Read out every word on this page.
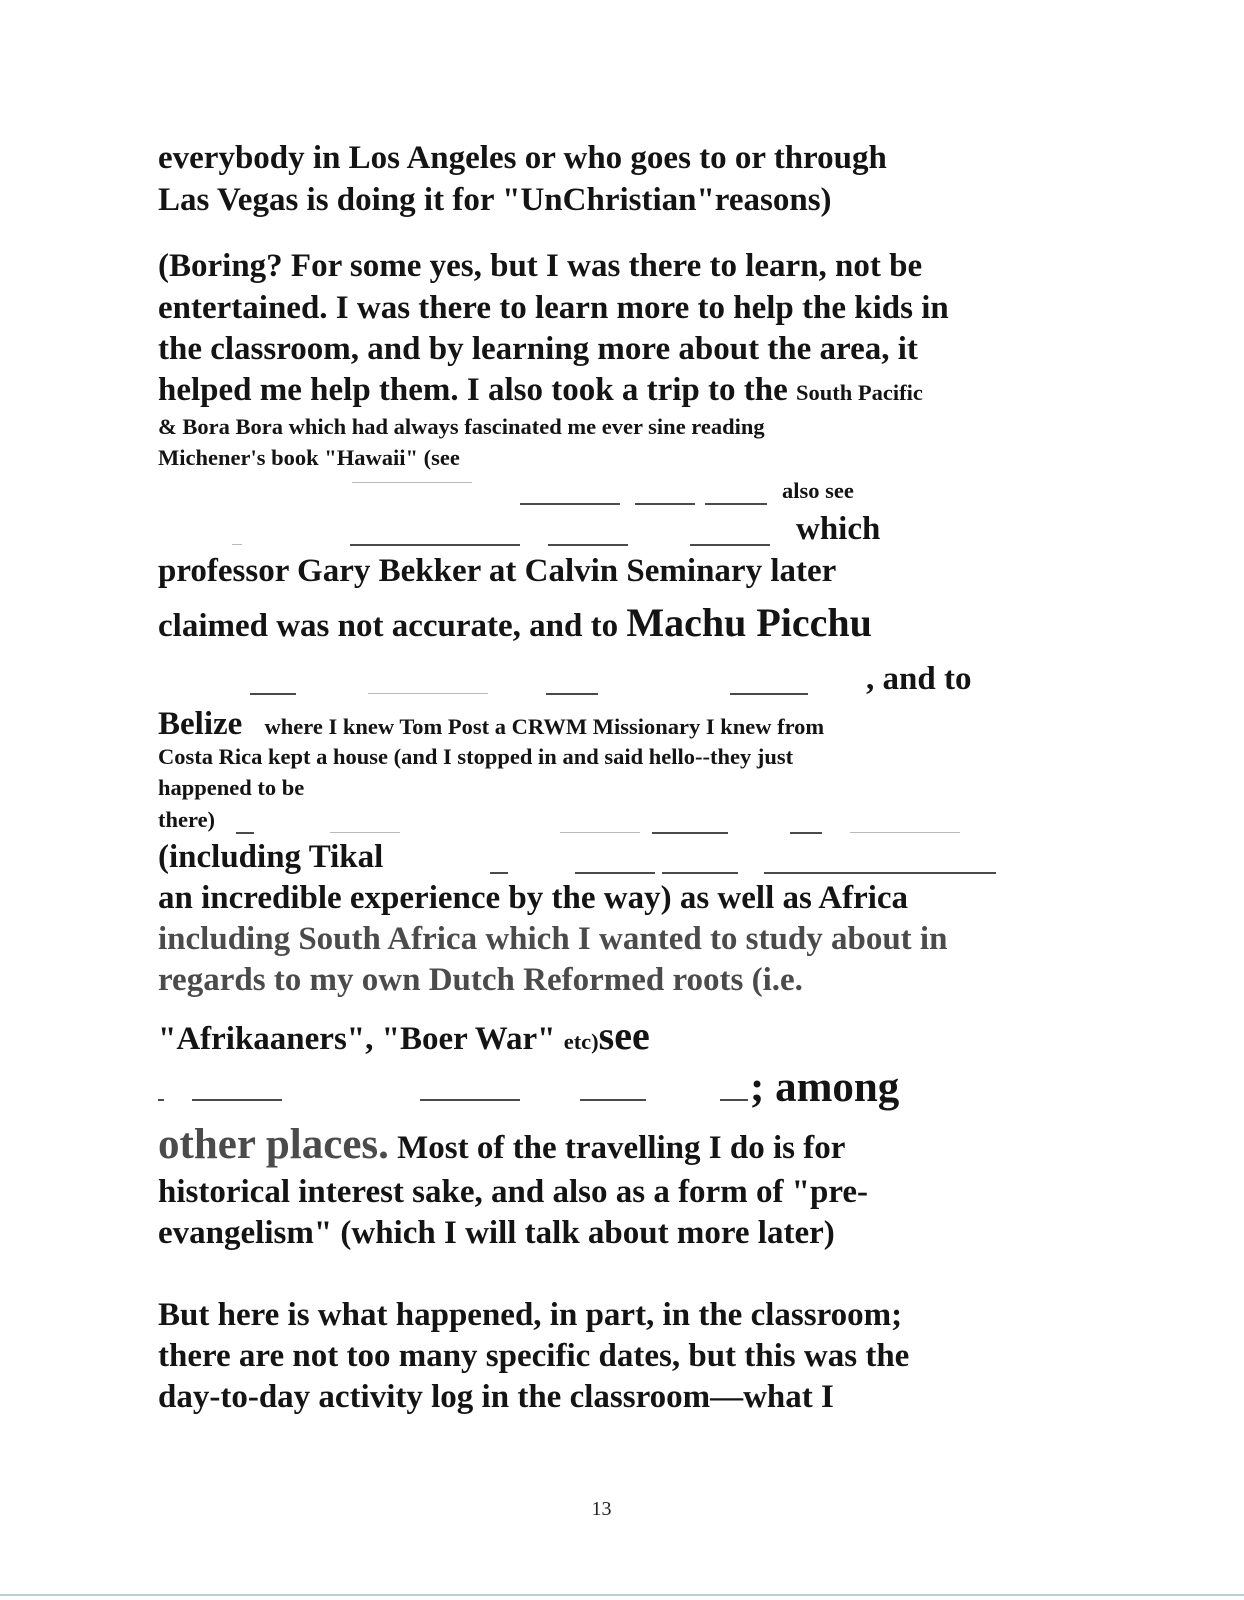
everybody in Los Angeles or who goes to or through
Las Vegas is doing it for "UnChristian"reasons)
(Boring? For some yes, but I was there to learn, not be
entertained. I was there to learn more to help the kids in
the classroom, and by learning more about the area, it
helped me help them. I also took a trip to the South Pacific
& Bora Bora which had always fascinated me ever sine reading
Michener's book "Hawaii" (see
also see
which
professor Gary Bekker at Calvin Seminary later
claimed was not accurate, and to Machu Picchu
, and to
Belize where I knew Tom Post a CRWM Missionary I knew from
Costa Rica kept a house (and I stopped in and said hello--they just
happened to be
there)
(including Tikal
an incredible experience by the way) as well as Africa
including South Africa which I wanted to study about in
regards to my own Dutch Reformed roots (i.e.
"Afrikaaners", "Boer War" etc)see
; among
other places. Most of the travelling I do is for
historical interest sake, and also as a form of "pre-
evangelism" (which I will talk about more later)
But here is what happened, in part, in the classroom;
there are not too many specific dates, but this was the
day-to-day activity log in the classroom—what I
13
